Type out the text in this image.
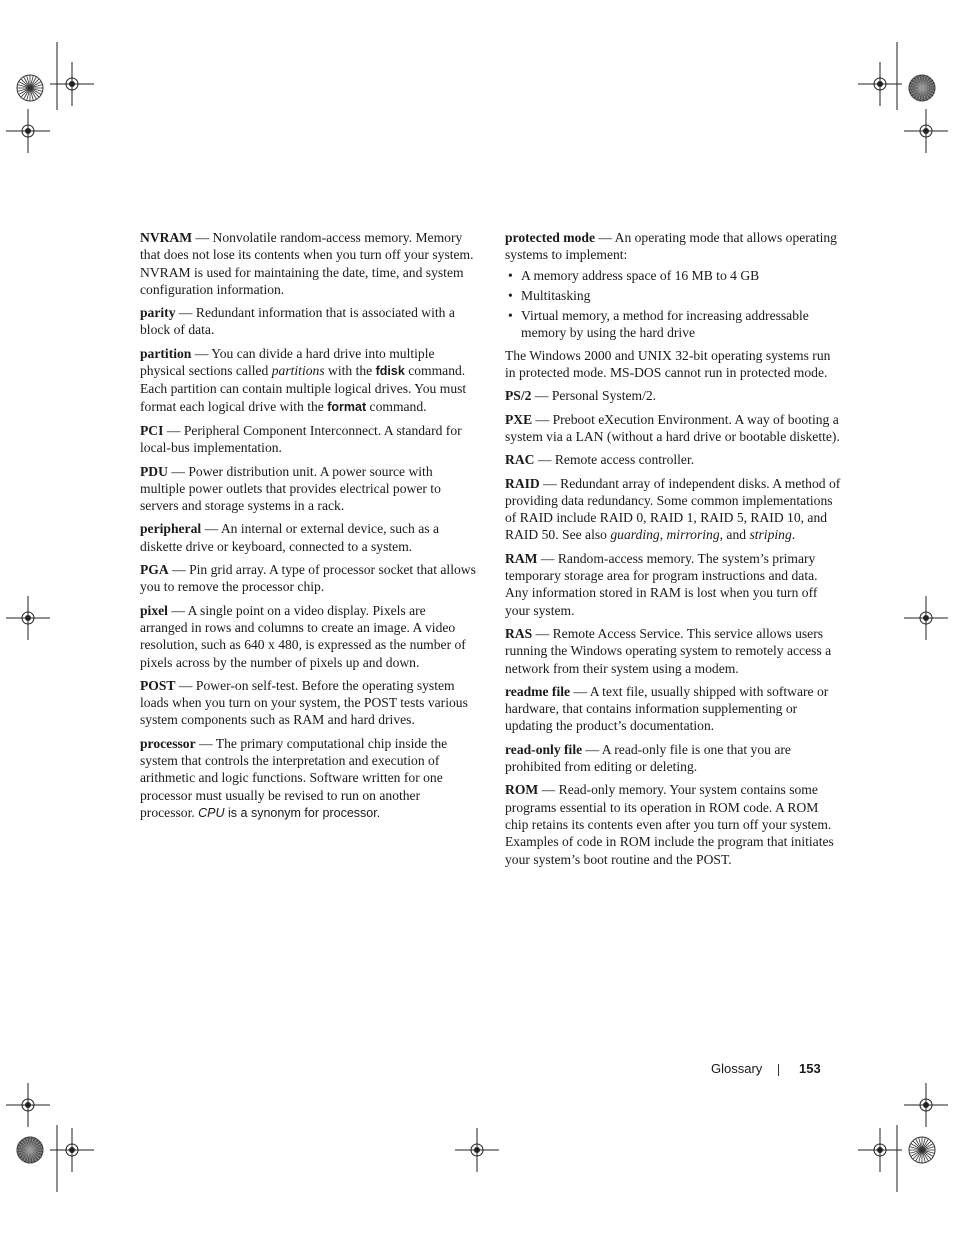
NVRAM — Nonvolatile random-access memory. Memory that does not lose its contents when you turn off your system. NVRAM is used for maintaining the date, time, and system configuration information.

parity — Redundant information that is associated with a block of data.

partition — You can divide a hard drive into multiple physical sections called partitions with the fdisk command. Each partition can contain multiple logical drives. You must format each logical drive with the format command.

PCI — Peripheral Component Interconnect. A standard for local-bus implementation.

PDU — Power distribution unit. A power source with multiple power outlets that provides electrical power to servers and storage systems in a rack.

peripheral — An internal or external device, such as a diskette drive or keyboard, connected to a system.

PGA — Pin grid array. A type of processor socket that allows you to remove the processor chip.

pixel — A single point on a video display. Pixels are arranged in rows and columns to create an image. A video resolution, such as 640 x 480, is expressed as the number of pixels across by the number of pixels up and down.

POST — Power-on self-test. Before the operating system loads when you turn on your system, the POST tests various system components such as RAM and hard drives.

processor — The primary computational chip inside the system that controls the interpretation and execution of arithmetic and logic functions. Software written for one processor must usually be revised to run on another processor. CPU is a synonym for processor.

protected mode — An operating mode that allows operating systems to implement:

• A memory address space of 16 MB to 4 GB
• Multitasking
• Virtual memory, a method for increasing addressable memory by using the hard drive

The Windows 2000 and UNIX 32-bit operating systems run in protected mode. MS-DOS cannot run in protected mode.

PS/2 — Personal System/2.

PXE — Preboot eXecution Environment. A way of booting a system via a LAN (without a hard drive or bootable diskette).

RAC — Remote access controller.

RAID — Redundant array of independent disks. A method of providing data redundancy. Some common implementations of RAID include RAID 0, RAID 1, RAID 5, RAID 10, and RAID 50. See also guarding, mirroring, and striping.

RAM — Random-access memory. The system’s primary temporary storage area for program instructions and data. Any information stored in RAM is lost when you turn off your system.

RAS — Remote Access Service. This service allows users running the Windows operating system to remotely access a network from their system using a modem.

readme file — A text file, usually shipped with software or hardware, that contains information supplementing or updating the product’s documentation.

read-only file — A read-only file is one that you are prohibited from editing or deleting.

ROM — Read-only memory. Your system contains some programs essential to its operation in ROM code. A ROM chip retains its contents even after you turn off your system. Examples of code in ROM include the program that initiates your system’s boot routine and the POST.

Glossary	153
